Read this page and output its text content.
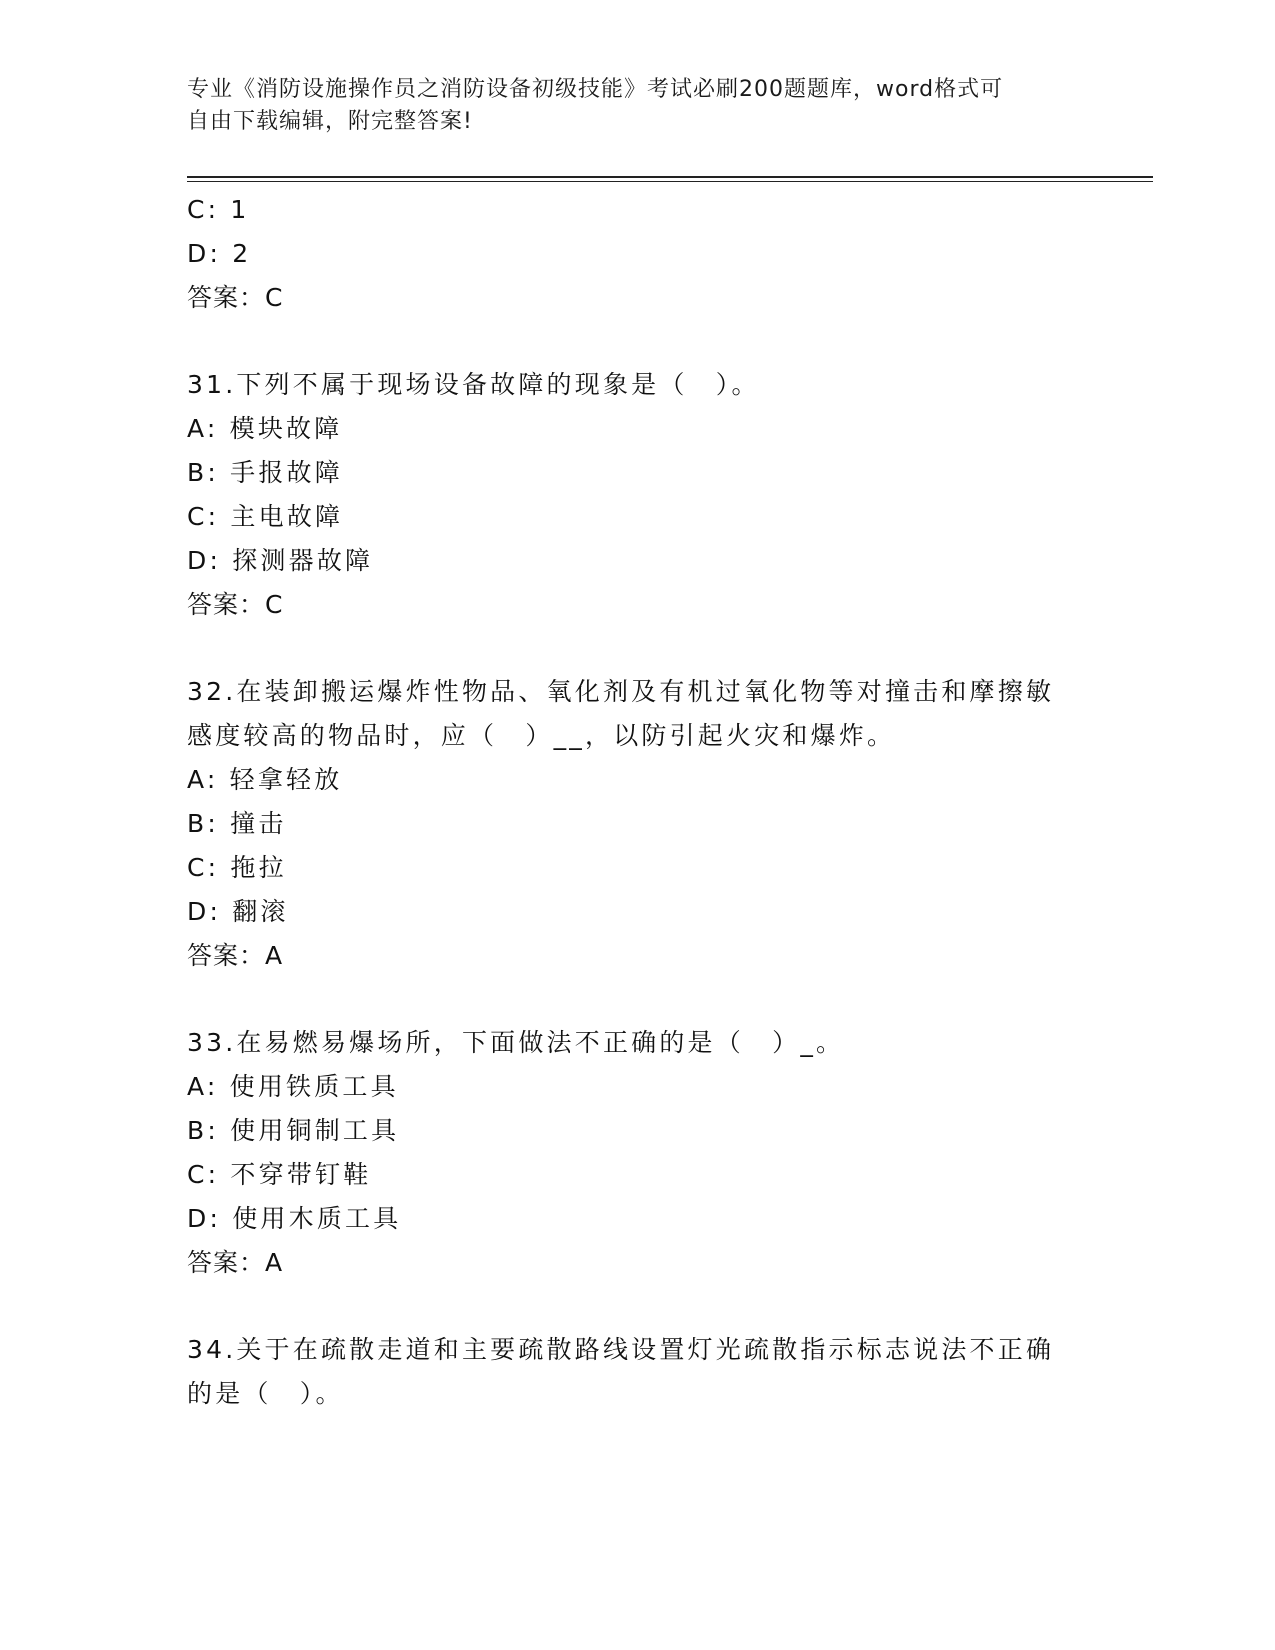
专业《消防设施操作员之消防设备初级技能》考试必刷200题题库，word格式可
自由下载编辑，附完整答案!
C: 1
D: 2
答案：C
31.下列不属于现场设备故障的现象是（　）。
A: 模块故障
B: 手报故障
C: 主电故障
D: 探测器故障
答案：C
32.在装卸搬运爆炸性物品、氧化剂及有机过氧化物等对撞击和摩擦敏
感度较高的物品时，应（　）__，以防引起火灾和爆炸。
A: 轻拿轻放
B: 撞击
C: 拖拉
D: 翻滚
答案：A
33.在易燃易爆场所，下面做法不正确的是（　）_。
A: 使用铁质工具
B: 使用铜制工具
C: 不穿带钉鞋
D: 使用木质工具
答案：A
34.关于在疏散走道和主要疏散路线设置灯光疏散指示标志说法不正确
的是（　）。
